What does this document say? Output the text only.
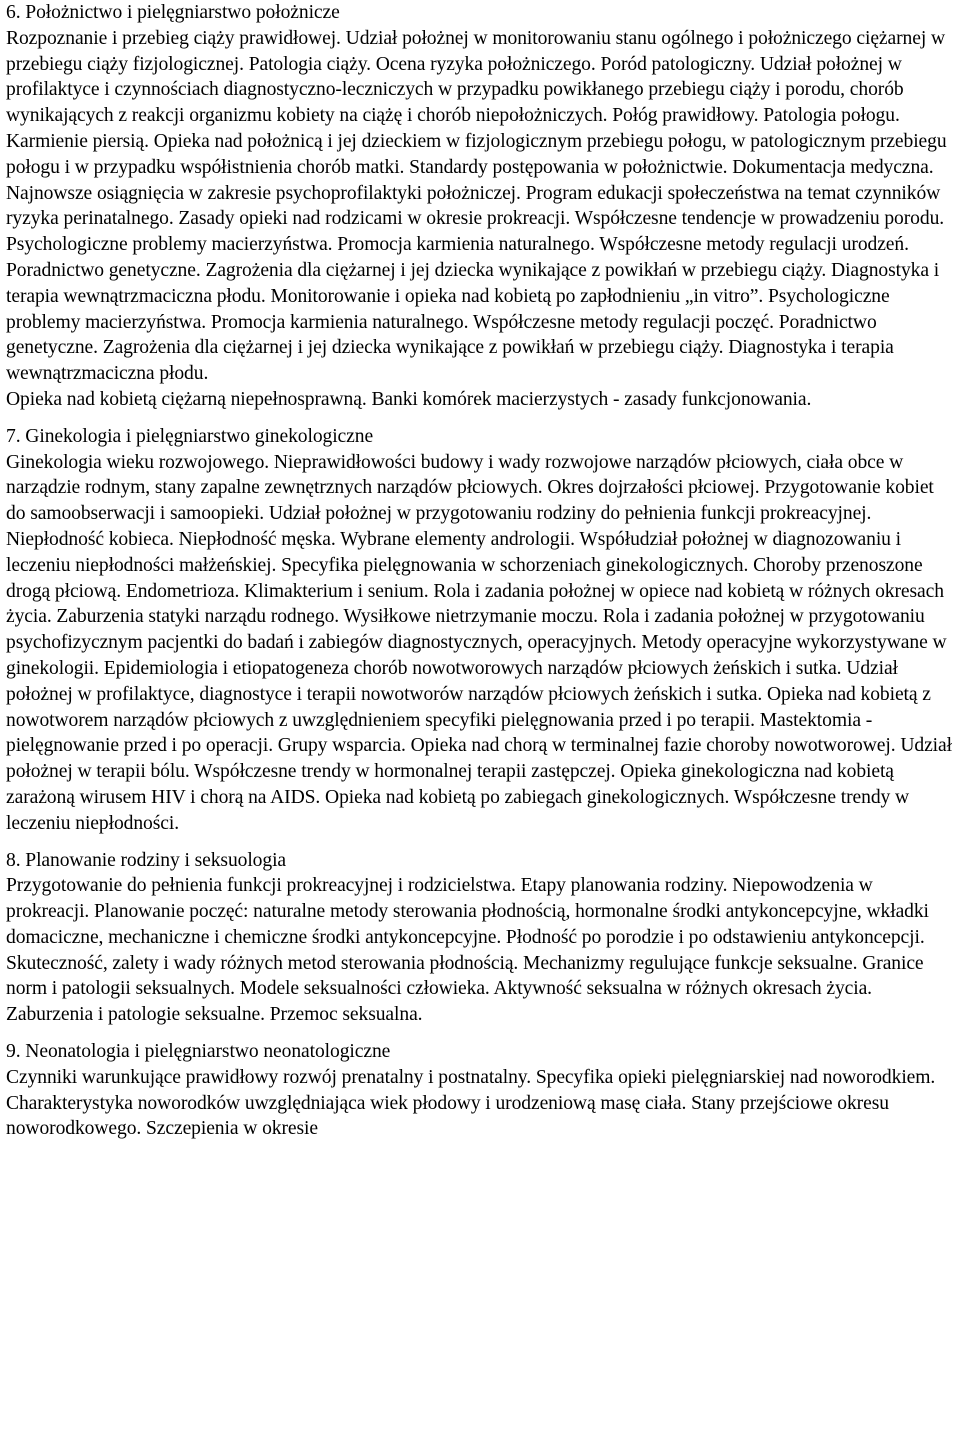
6. Położnictwo i pielęgniarstwo położnicze

Rozpoznanie i przebieg ciąży prawidłowej. Udział położnej w monitorowaniu stanu ogólnego i położniczego ciężarnej w przebiegu ciąży fizjologicznej. Patologia ciąży. Ocena ryzyka położniczego. Poród patologiczny. Udział położnej w profilaktyce i czynnościach diagnostyczno-leczniczych w przypadku powikłanego przebiegu ciąży i porodu, chorób wynikających z reakcji organizmu kobiety na ciążę i chorób niepołożniczych. Połóg prawidłowy. Patologia połogu. Karmienie piersią. Opieka nad położnicą i jej dzieckiem w fizjologicznym przebiegu połogu, w patologicznym przebiegu połogu i w przypadku współistnienia chorób matki. Standardy postępowania w położnictwie. Dokumentacja medyczna. Najnowsze osiągnięcia w zakresie psychoprofilaktyki położniczej. Program edukacji społeczeństwa na temat czynników ryzyka perinatalnego. Zasady opieki nad rodzicami w okresie prokreacji. Współczesne tendencje w prowadzeniu porodu. Psychologiczne problemy macierzyństwa. Promocja karmienia naturalnego. Współczesne metody regulacji urodzeń. Poradnictwo genetyczne. Zagrożenia dla ciężarnej i jej dziecka wynikające z powikłań w przebiegu ciąży. Diagnostyka i terapia wewnątrzmaciczna płodu. Monitorowanie i opieka nad kobietą po zapłodnieniu „in vitro”. Psychologiczne problemy macierzyństwa. Promocja karmienia naturalnego. Współczesne metody regulacji poczęć. Poradnictwo genetyczne. Zagrożenia dla ciężarnej i jej dziecka wynikające z powikłań w przebiegu ciąży. Diagnostyka i terapia wewnątrzmaciczna płodu.

Opieka nad kobietą ciężarną niepełnosprawną. Banki komórek macierzystych - zasady funkcjonowania.

7. Ginekologia i pielęgniarstwo ginekologiczne

Ginekologia wieku rozwojowego. Nieprawidłowości budowy i wady rozwojowe narządów płciowych, ciała obce w narządzie rodnym, stany zapalne zewnętrznych narządów płciowych. Okres dojrzałości płciowej. Przygotowanie kobiet do samoobserwacji i samoopieki. Udział położnej w przygotowaniu rodziny do pełnienia funkcji prokreacyjnej. Niepłodność kobieca. Niepłodność męska. Wybrane elementy andrologii. Współudział położnej w diagnozowaniu i leczeniu niepłodności małżeńskiej. Specyfika pielęgnowania w schorzeniach ginekologicznych. Choroby przenoszone drogą płciową. Endometrioza. Klimakterium i senium. Rola i zadania położnej w opiece nad kobietą w różnych okresach życia. Zaburzenia statyki narządu rodnego. Wysiłkowe nietrzymanie moczu. Rola i zadania położnej w przygotowaniu psychofizycznym pacjentki do badań i zabiegów diagnostycznych, operacyjnych. Metody operacyjne wykorzystywane w ginekologii. Epidemiologia i etiopatogeneza chorób nowotworowych narządów płciowych żeńskich i sutka. Udział położnej w profilaktyce, diagnostyce i terapii nowotworów narządów płciowych żeńskich i sutka. Opieka nad kobietą z nowotworem narządów płciowych z uwzględnieniem specyfiki pielęgnowania przed i po terapii. Mastektomia - pielęgnowanie przed i po operacji. Grupy wsparcia. Opieka nad chorą w terminalnej fazie choroby nowotworowej. Udział położnej w terapii bólu. Współczesne trendy w hormonalnej terapii zastępczej. Opieka ginekologiczna nad kobietą zarażoną wirusem HIV i chorą na AIDS. Opieka nad kobietą po zabiegach ginekologicznych. Współczesne trendy w leczeniu niepłodności.

8. Planowanie rodziny i seksuologia

Przygotowanie do pełnienia funkcji prokreacyjnej i rodzicielstwa. Etapy planowania rodziny. Niepowodzenia w prokreacji. Planowanie poczęć: naturalne metody sterowania płodnością, hormonalne środki antykoncepcyjne, wkładki domaciczne, mechaniczne i chemiczne środki antykoncepcyjne. Płodność po porodzie i po odstawieniu antykoncepcji. Skuteczność, zalety i wady różnych metod sterowania płodnością. Mechanizmy regulujące funkcje seksualne. Granice norm i patologii seksualnych. Modele seksualności człowieka. Aktywność seksualna w różnych okresach życia. Zaburzenia i patologie seksualne. Przemoc seksualna.

9. Neonatologia i pielęgniarstwo neonatologiczne

Czynniki warunkujące prawidłowy rozwój prenatalny i postnatalny. Specyfika opieki pielęgniarskiej nad noworodkiem. Charakterystyka noworodków uwzględniająca wiek płodowy i urodzeniową masę ciała. Stany przejściowe okresu noworodkowego. Szczepienia w okresie
